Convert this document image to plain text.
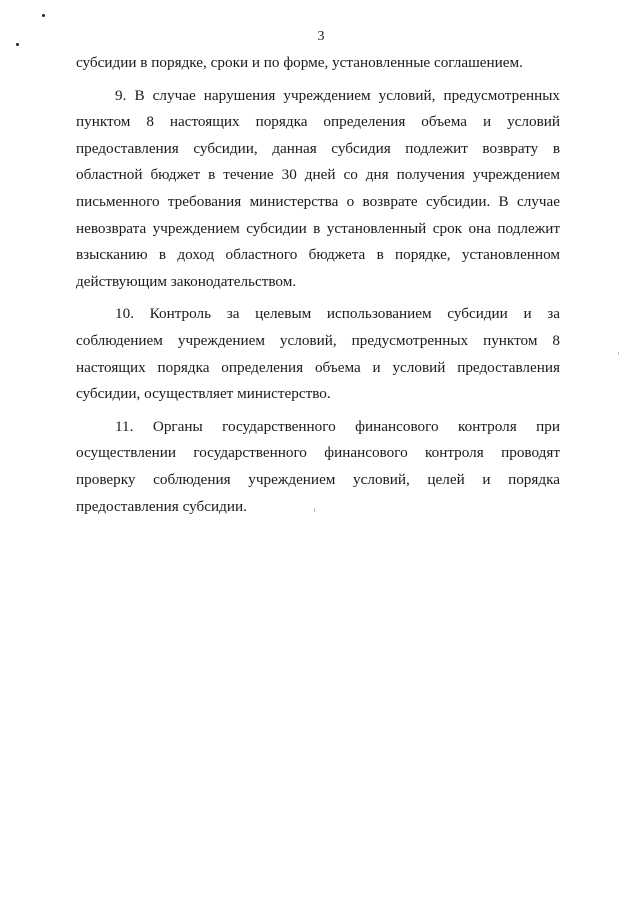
3

субсидии в порядке, сроки и по форме, установленные соглашением.

9. В случае нарушения учреждением условий, предусмотренных пунктом 8 настоящих порядка определения объема и условий предоставления субсидии, данная субсидия подлежит возврату в областной бюджет в течение 30 дней со дня получения учреждением письменного требования министерства о возврате субсидии. В случае невозврата учреждением субсидии в установленный срок она подлежит взысканию в доход областного бюджета в порядке, установленном действующим законодательством.

10. Контроль за целевым использованием субсидии и за соблюдением учреждением условий, предусмотренных пунктом 8 настоящих порядка определения объема и условий предоставления субсидии, осуществляет министерство.

11. Органы государственного финансового контроля при осуществлении государственного финансового контроля проводят проверку соблюдения учреждением условий, целей и порядка предоставления субсидии.
